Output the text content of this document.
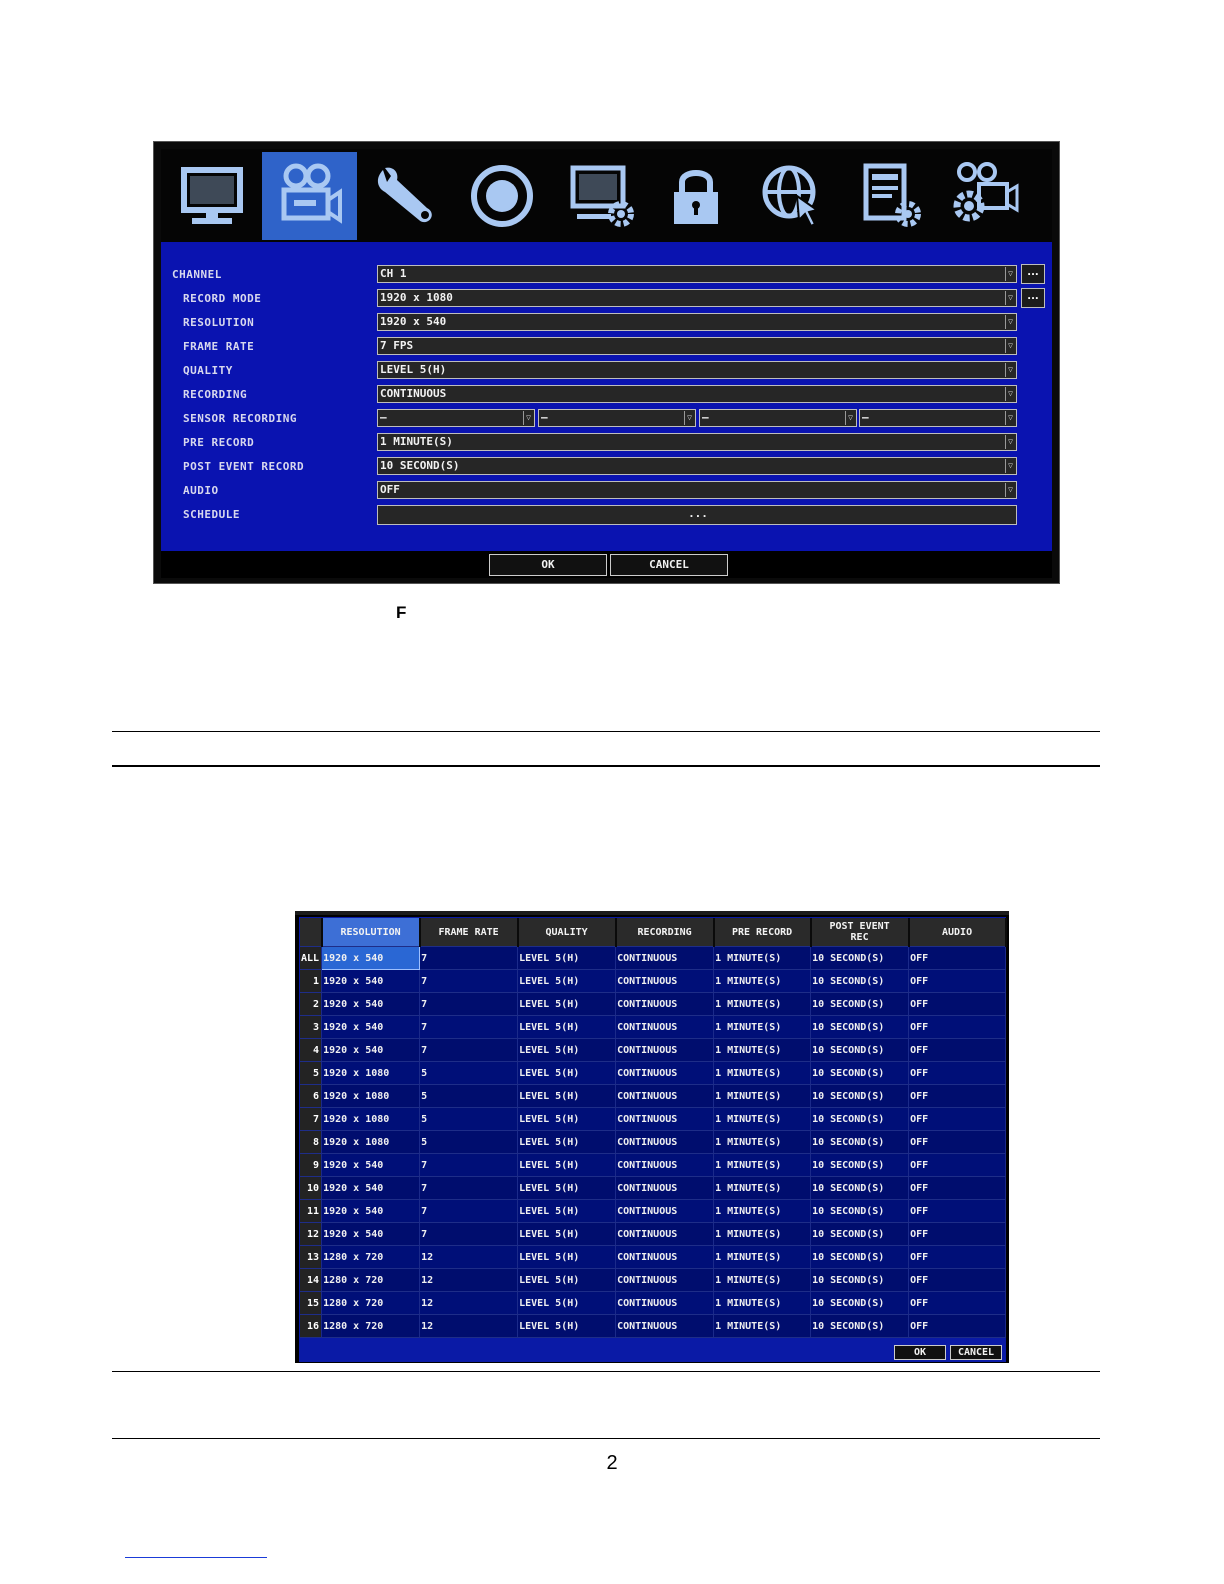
CHANNEL	CH 1	▽	...
RECORD MODE	1920 x 1080	▽	...
RESOLUTION	1920 x 540	▽
FRAME RATE	7 FPS	▽
QUALITY	LEVEL 5(H)	▽
RECORDING	CONTINUOUS	▽
SENSOR RECORDING	–	▽ –	▽ –	▽ –	▽
PRE RECORD	1 MINUTE(S)	▽
POST EVENT RECORD	10 SECOND(S)	▽
AUDIO	OFF	▽
SCHEDULE	...
OK	CANCEL
F
	RESOLUTION	FRAME RATE	QUALITY	RECORDING	PRE RECORD	POST EVENT REC	AUDIO
ALL	1920 x 540	7	LEVEL 5(H)	CONTINUOUS	1 MINUTE(S)	10 SECOND(S)	OFF
1	1920 x 540	7	LEVEL 5(H)	CONTINUOUS	1 MINUTE(S)	10 SECOND(S)	OFF
2	1920 x 540	7	LEVEL 5(H)	CONTINUOUS	1 MINUTE(S)	10 SECOND(S)	OFF
3	1920 x 540	7	LEVEL 5(H)	CONTINUOUS	1 MINUTE(S)	10 SECOND(S)	OFF
4	1920 x 540	7	LEVEL 5(H)	CONTINUOUS	1 MINUTE(S)	10 SECOND(S)	OFF
5	1920 x 1080	5	LEVEL 5(H)	CONTINUOUS	1 MINUTE(S)	10 SECOND(S)	OFF
6	1920 x 1080	5	LEVEL 5(H)	CONTINUOUS	1 MINUTE(S)	10 SECOND(S)	OFF
7	1920 x 1080	5	LEVEL 5(H)	CONTINUOUS	1 MINUTE(S)	10 SECOND(S)	OFF
8	1920 x 1080	5	LEVEL 5(H)	CONTINUOUS	1 MINUTE(S)	10 SECOND(S)	OFF
9	1920 x 540	7	LEVEL 5(H)	CONTINUOUS	1 MINUTE(S)	10 SECOND(S)	OFF
10	1920 x 540	7	LEVEL 5(H)	CONTINUOUS	1 MINUTE(S)	10 SECOND(S)	OFF
11	1920 x 540	7	LEVEL 5(H)	CONTINUOUS	1 MINUTE(S)	10 SECOND(S)	OFF
12	1920 x 540	7	LEVEL 5(H)	CONTINUOUS	1 MINUTE(S)	10 SECOND(S)	OFF
13	1280 x 720	12	LEVEL 5(H)	CONTINUOUS	1 MINUTE(S)	10 SECOND(S)	OFF
14	1280 x 720	12	LEVEL 5(H)	CONTINUOUS	1 MINUTE(S)	10 SECOND(S)	OFF
15	1280 x 720	12	LEVEL 5(H)	CONTINUOUS	1 MINUTE(S)	10 SECOND(S)	OFF
16	1280 x 720	12	LEVEL 5(H)	CONTINUOUS	1 MINUTE(S)	10 SECOND(S)	OFF
OK	CANCEL
2
